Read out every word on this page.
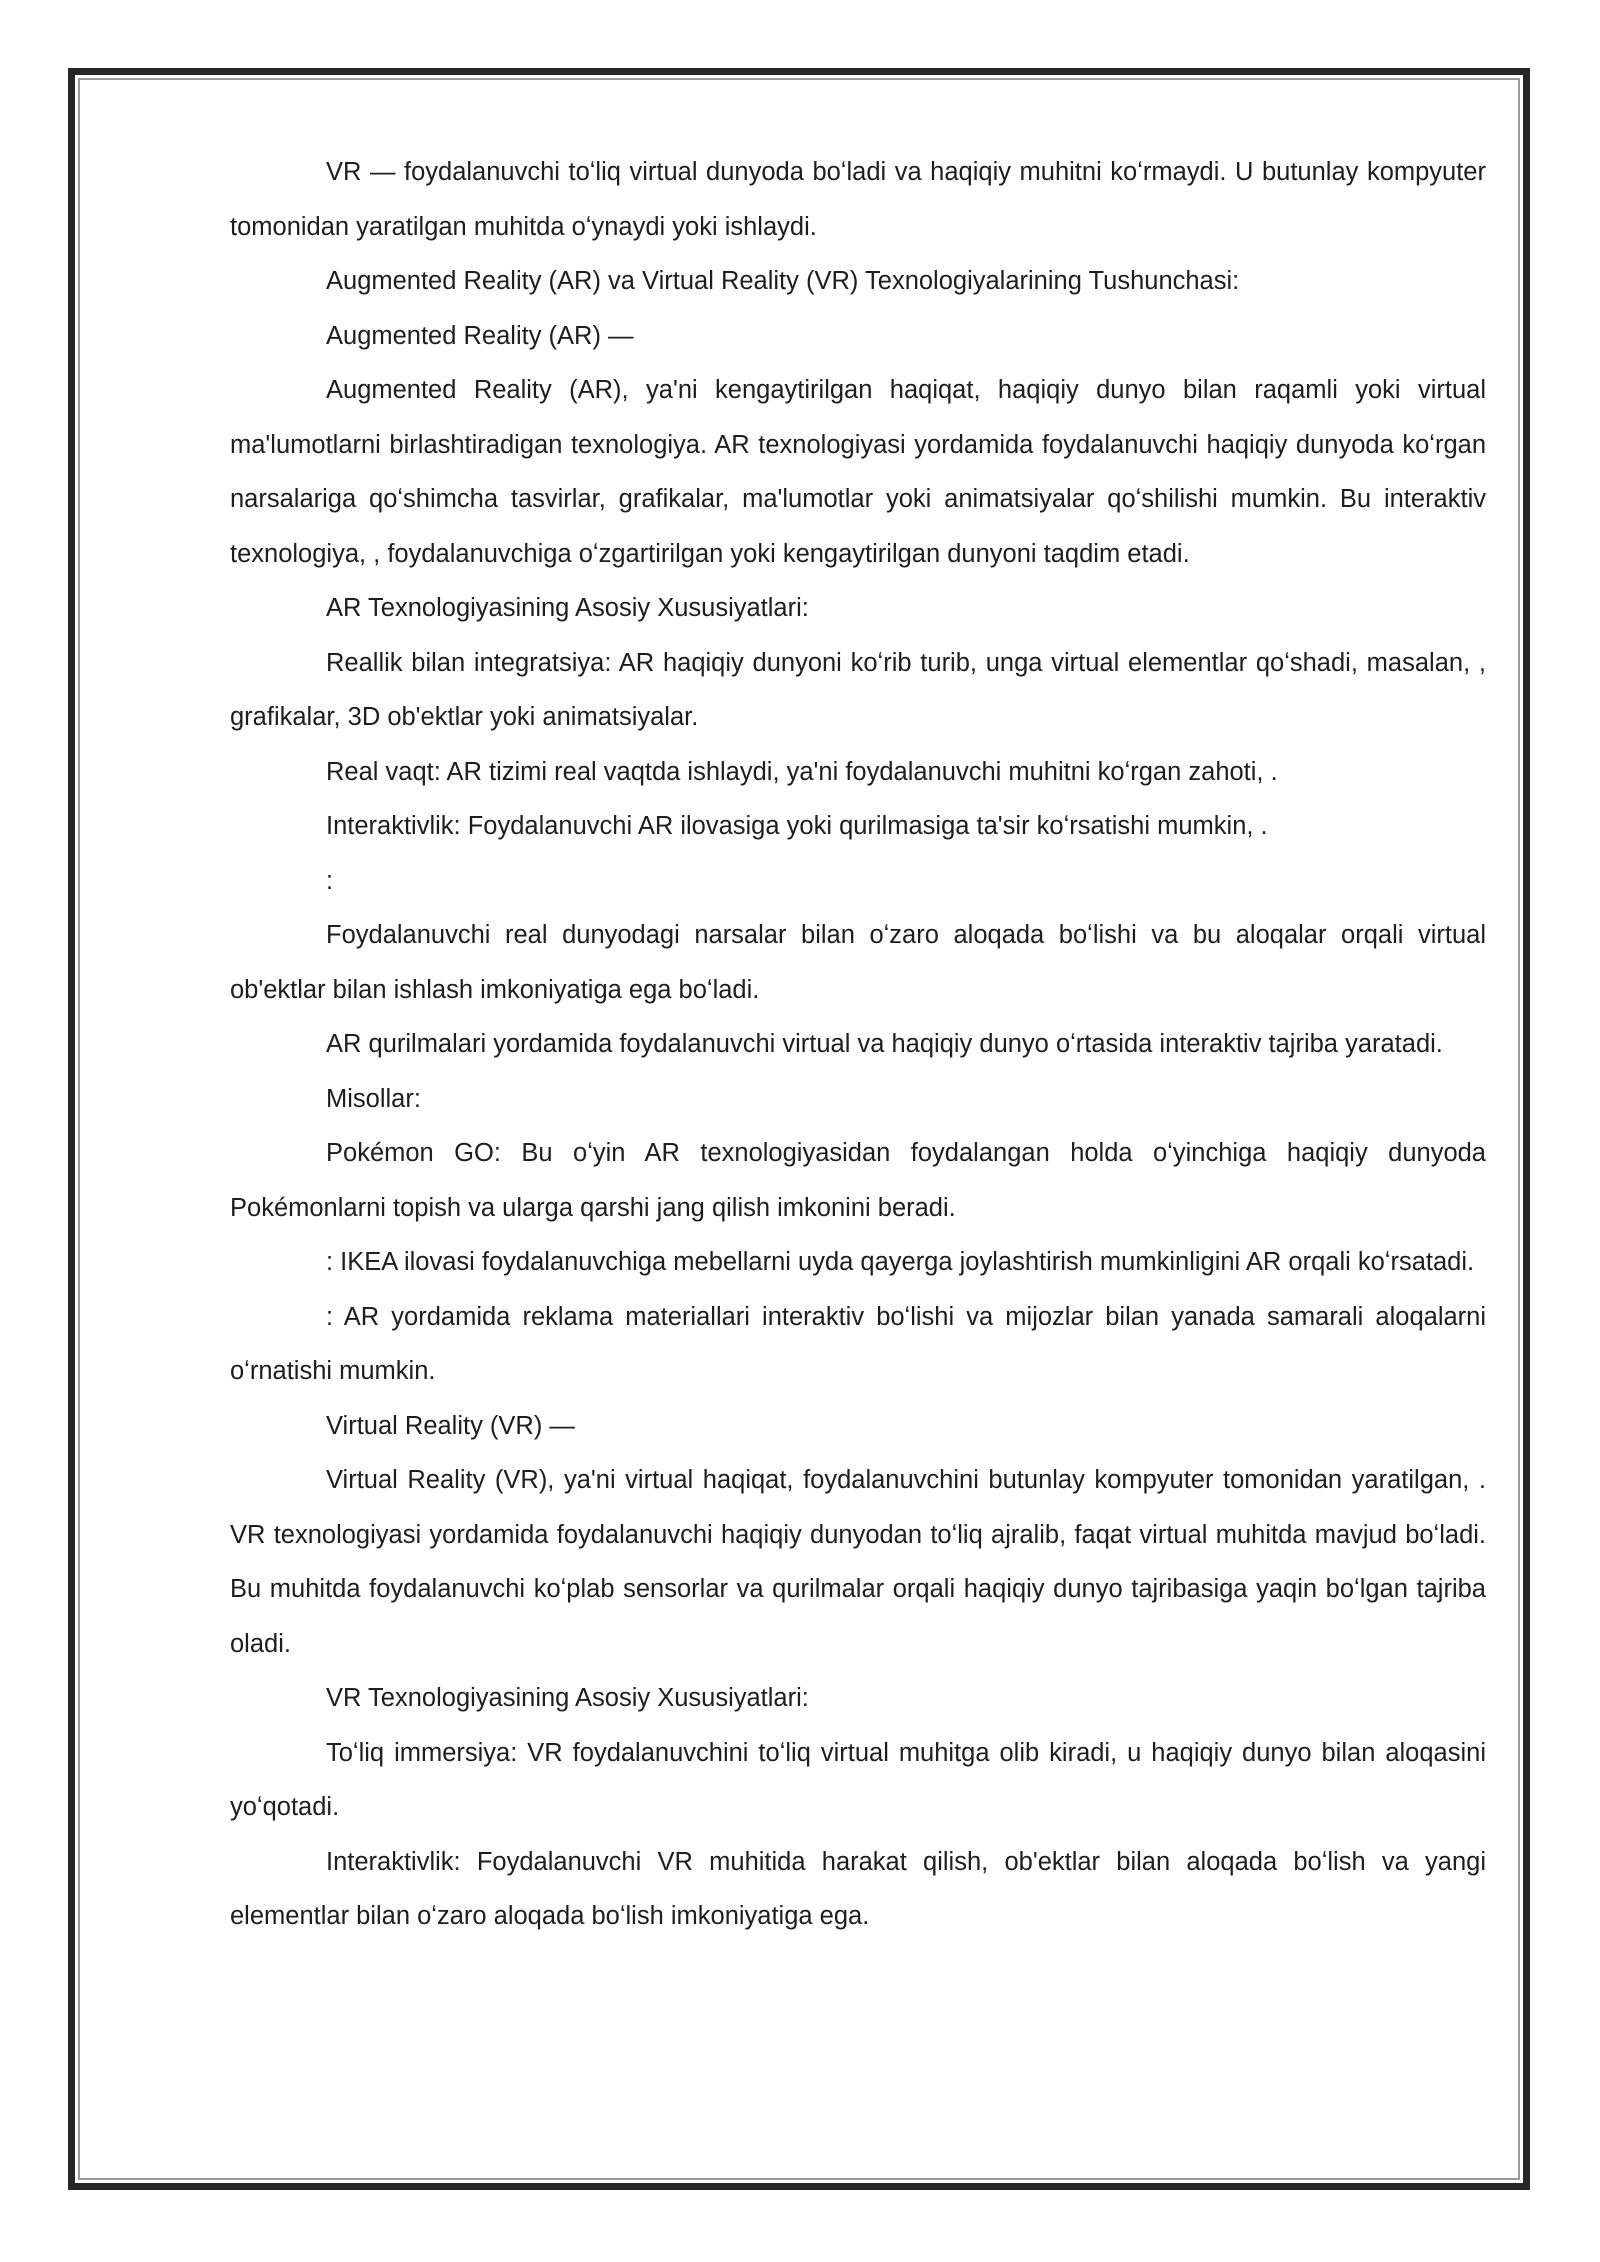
VR — foydalanuvchi toʻliq virtual dunyoda boʻladi va haqiqiy muhitni koʻrmaydi. U butunlay kompyuter tomonidan yaratilgan muhitda oʻynaydi yoki ishlaydi.

Augmented Reality (AR) va Virtual Reality (VR) Texnologiyalarining Tushunchasi:

Augmented Reality (AR) —

Augmented Reality (AR), ya'ni kengaytirilgan haqiqat, haqiqiy dunyo bilan raqamli yoki virtual ma'lumotlarni birlashtiradigan texnologiya. AR texnologiyasi yordamida foydalanuvchi haqiqiy dunyoda koʻrgan narsalariga qoʻshimcha tasvirlar, grafikalar, ma'lumotlar yoki animatsiyalar qoʻshilishi mumkin. Bu interaktiv texnologiya, , foydalanuvchiga oʻzgartirilgan yoki kengaytirilgan dunyoni taqdim etadi.

AR Texnologiyasining Asosiy Xususiyatlari:

Reallik bilan integratsiya: AR haqiqiy dunyoni koʻrib turib, unga virtual elementlar qoʻshadi, masalan, , grafikalar, 3D ob'ektlar yoki animatsiyalar.

Real vaqt: AR tizimi real vaqtda ishlaydi, ya'ni foydalanuvchi muhitni koʻrgan zahoti, .

Interaktivlik: Foydalanuvchi AR ilovasiga yoki qurilmasiga ta'sir koʻrsatishi mumkin, .

:

Foydalanuvchi real dunyodagi narsalar bilan oʻzaro aloqada boʻlishi va bu aloqalar orqali virtual ob'ektlar bilan ishlash imkoniyatiga ega boʻladi.

AR qurilmalari yordamida foydalanuvchi virtual va haqiqiy dunyo oʻrtasida interaktiv tajriba yaratadi.

Misollar:

Pokémon GO: Bu oʻyin AR texnologiyasidan foydalangan holda oʻyinchiga haqiqiy dunyoda Pokémonlarni topish va ularga qarshi jang qilish imkonini beradi.

: IKEA ilovasi foydalanuvchiga mebellarni uyda qayerga joylashtirish mumkinligini AR orqali koʻrsatadi.

: AR yordamida reklama materiallari interaktiv boʻlishi va mijozlar bilan yanada samarali aloqalarni oʻrnatishi mumkin.

Virtual Reality (VR) —

Virtual Reality (VR), ya'ni virtual haqiqat, foydalanuvchini butunlay kompyuter tomonidan yaratilgan, . VR texnologiyasi yordamida foydalanuvchi haqiqiy dunyodan toʻliq ajralib, faqat virtual muhitda mavjud boʻladi. Bu muhitda foydalanuvchi koʻplab sensorlar va qurilmalar orqali haqiqiy dunyo tajribasiga yaqin boʻlgan tajriba oladi.

VR Texnologiyasining Asosiy Xususiyatlari:

Toʻliq immersiya: VR foydalanuvchini toʻliq virtual muhitga olib kiradi, u haqiqiy dunyo bilan aloqasini yoʻqotadi.

Interaktivlik: Foydalanuvchi VR muhitida harakat qilish, ob'ektlar bilan aloqada boʻlish va yangi elementlar bilan oʻzaro aloqada boʻlish imkoniyatiga ega.
